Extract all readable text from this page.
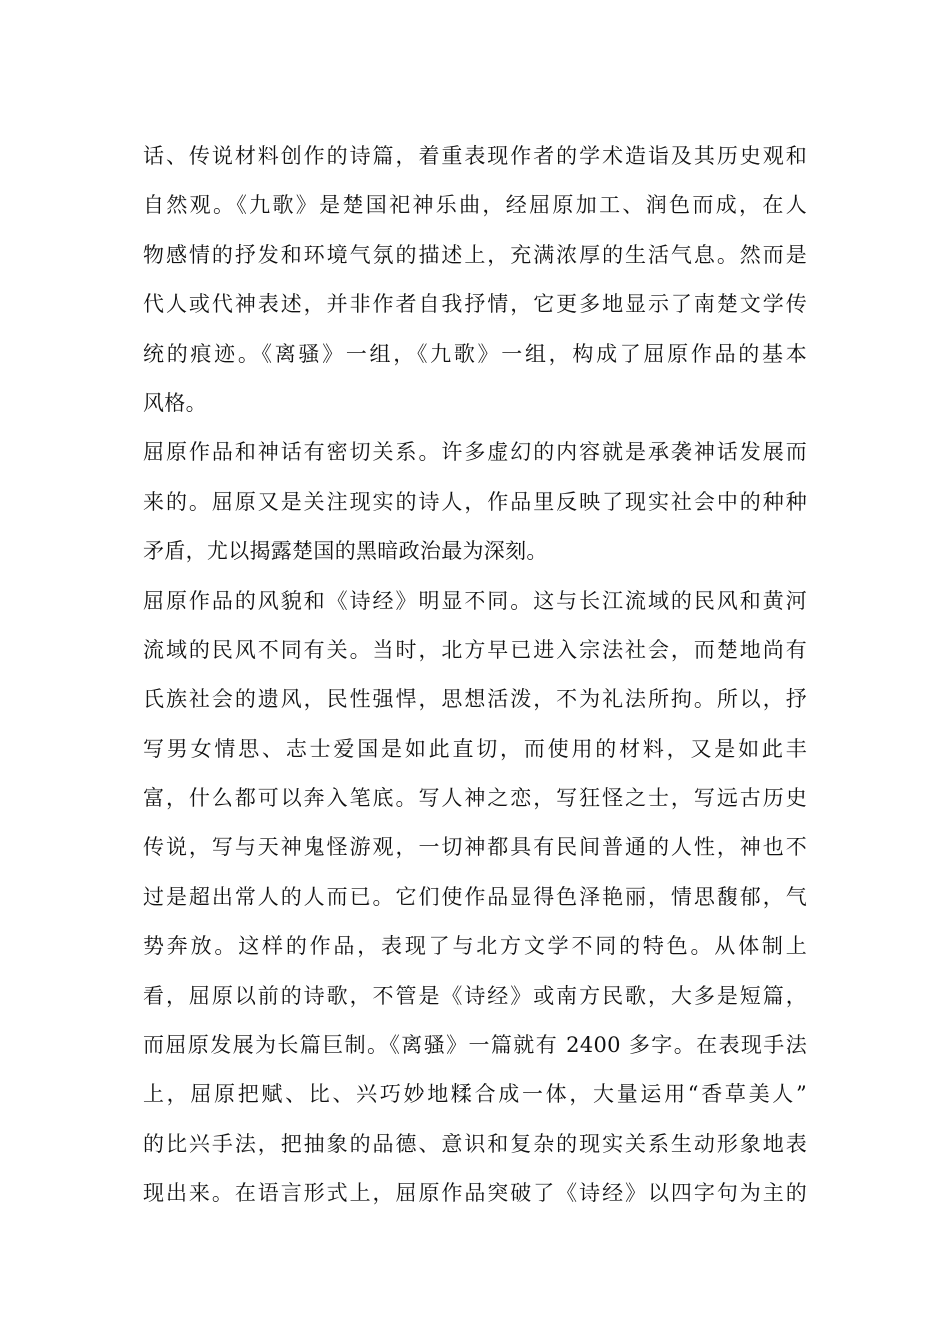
话、传说材料创作的诗篇，着重表现作者的学术造诣及其历史观和
自然观。《九歌》是楚国祀神乐曲，经屈原加工、润色而成，在人
物感情的抒发和环境气氛的描述上，充满浓厚的生活气息。然而是
代人或代神表述，并非作者自我抒情，它更多地显示了南楚文学传
统的痕迹。《离骚》一组，《九歌》一组，构成了屈原作品的基本
风格。
屈原作品和神话有密切关系。许多虚幻的内容就是承袭神话发展而
来的。屈原又是关注现实的诗人，作品里反映了现实社会中的种种
矛盾，尤以揭露楚国的黑暗政治最为深刻。
屈原作品的风貌和《诗经》明显不同。这与长江流域的民风和黄河
流域的民风不同有关。当时，北方早已进入宗法社会，而楚地尚有
氏族社会的遗风，民性强悍，思想活泼，不为礼法所拘。所以，抒
写男女情思、志士爱国是如此直切，而使用的材料，又是如此丰
富，什么都可以奔入笔底。写人神之恋，写狂怪之士，写远古历史
传说，写与天神鬼怪游观，一切神都具有民间普通的人性，神也不
过是超出常人的人而已。它们使作品显得色泽艳丽，情思馥郁，气
势奔放。这样的作品，表现了与北方文学不同的特色。从体制上
看，屈原以前的诗歌，不管是《诗经》或南方民歌，大多是短篇，
而屈原发展为长篇巨制。《离骚》一篇就有 2400 多字。在表现手法
上，屈原把赋、比、兴巧妙地糅合成一体，大量运用“香草美人”
的比兴手法，把抽象的品德、意识和复杂的现实关系生动形象地表
现出来。在语言形式上，屈原作品突破了《诗经》以四字句为主的
